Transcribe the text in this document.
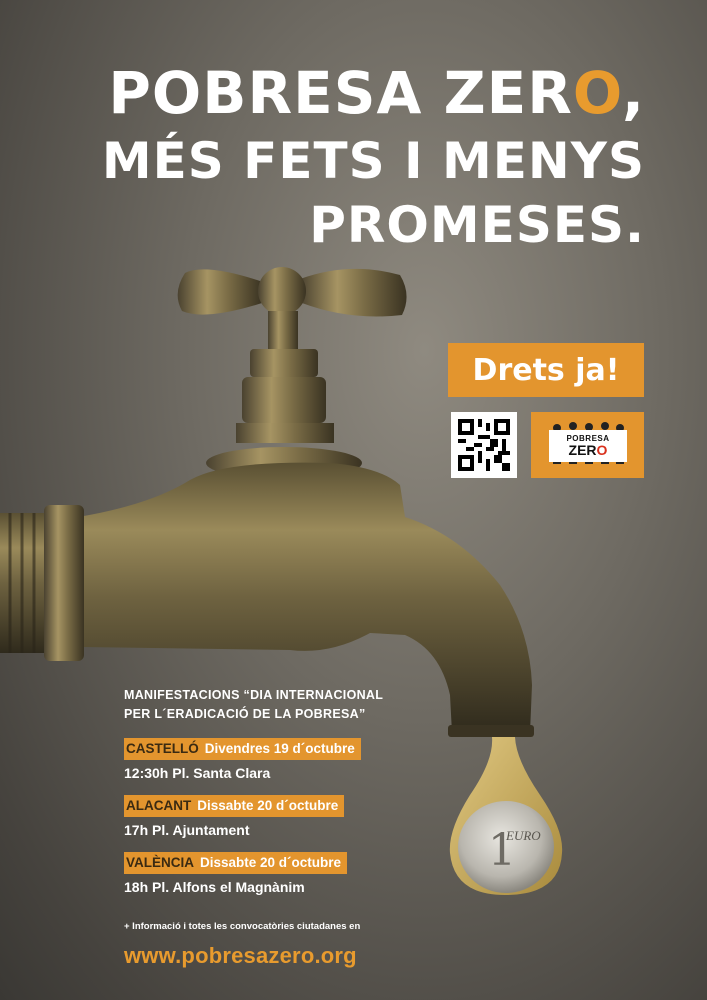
POBRESA ZERO,
MÉS FETS I MENYS
PROMESES.
1
EURO
Drets ja!
POBRESA
ZERO
MANIFESTACIONS “DIA INTERNACIONAL
PER L´ERADICACIÓ DE LA POBRESA”
CASTELLÓ Divendres 19 d´octubre
12:30h Pl. Santa Clara
ALACANT Dissabte 20 d´octubre
17h Pl. Ajuntament
VALÈNCIA Dissabte 20 d´octubre
18h Pl. Alfons el Magnànim
+ Informació i totes les convocatòries ciutadanes en
www.pobresazero.org
